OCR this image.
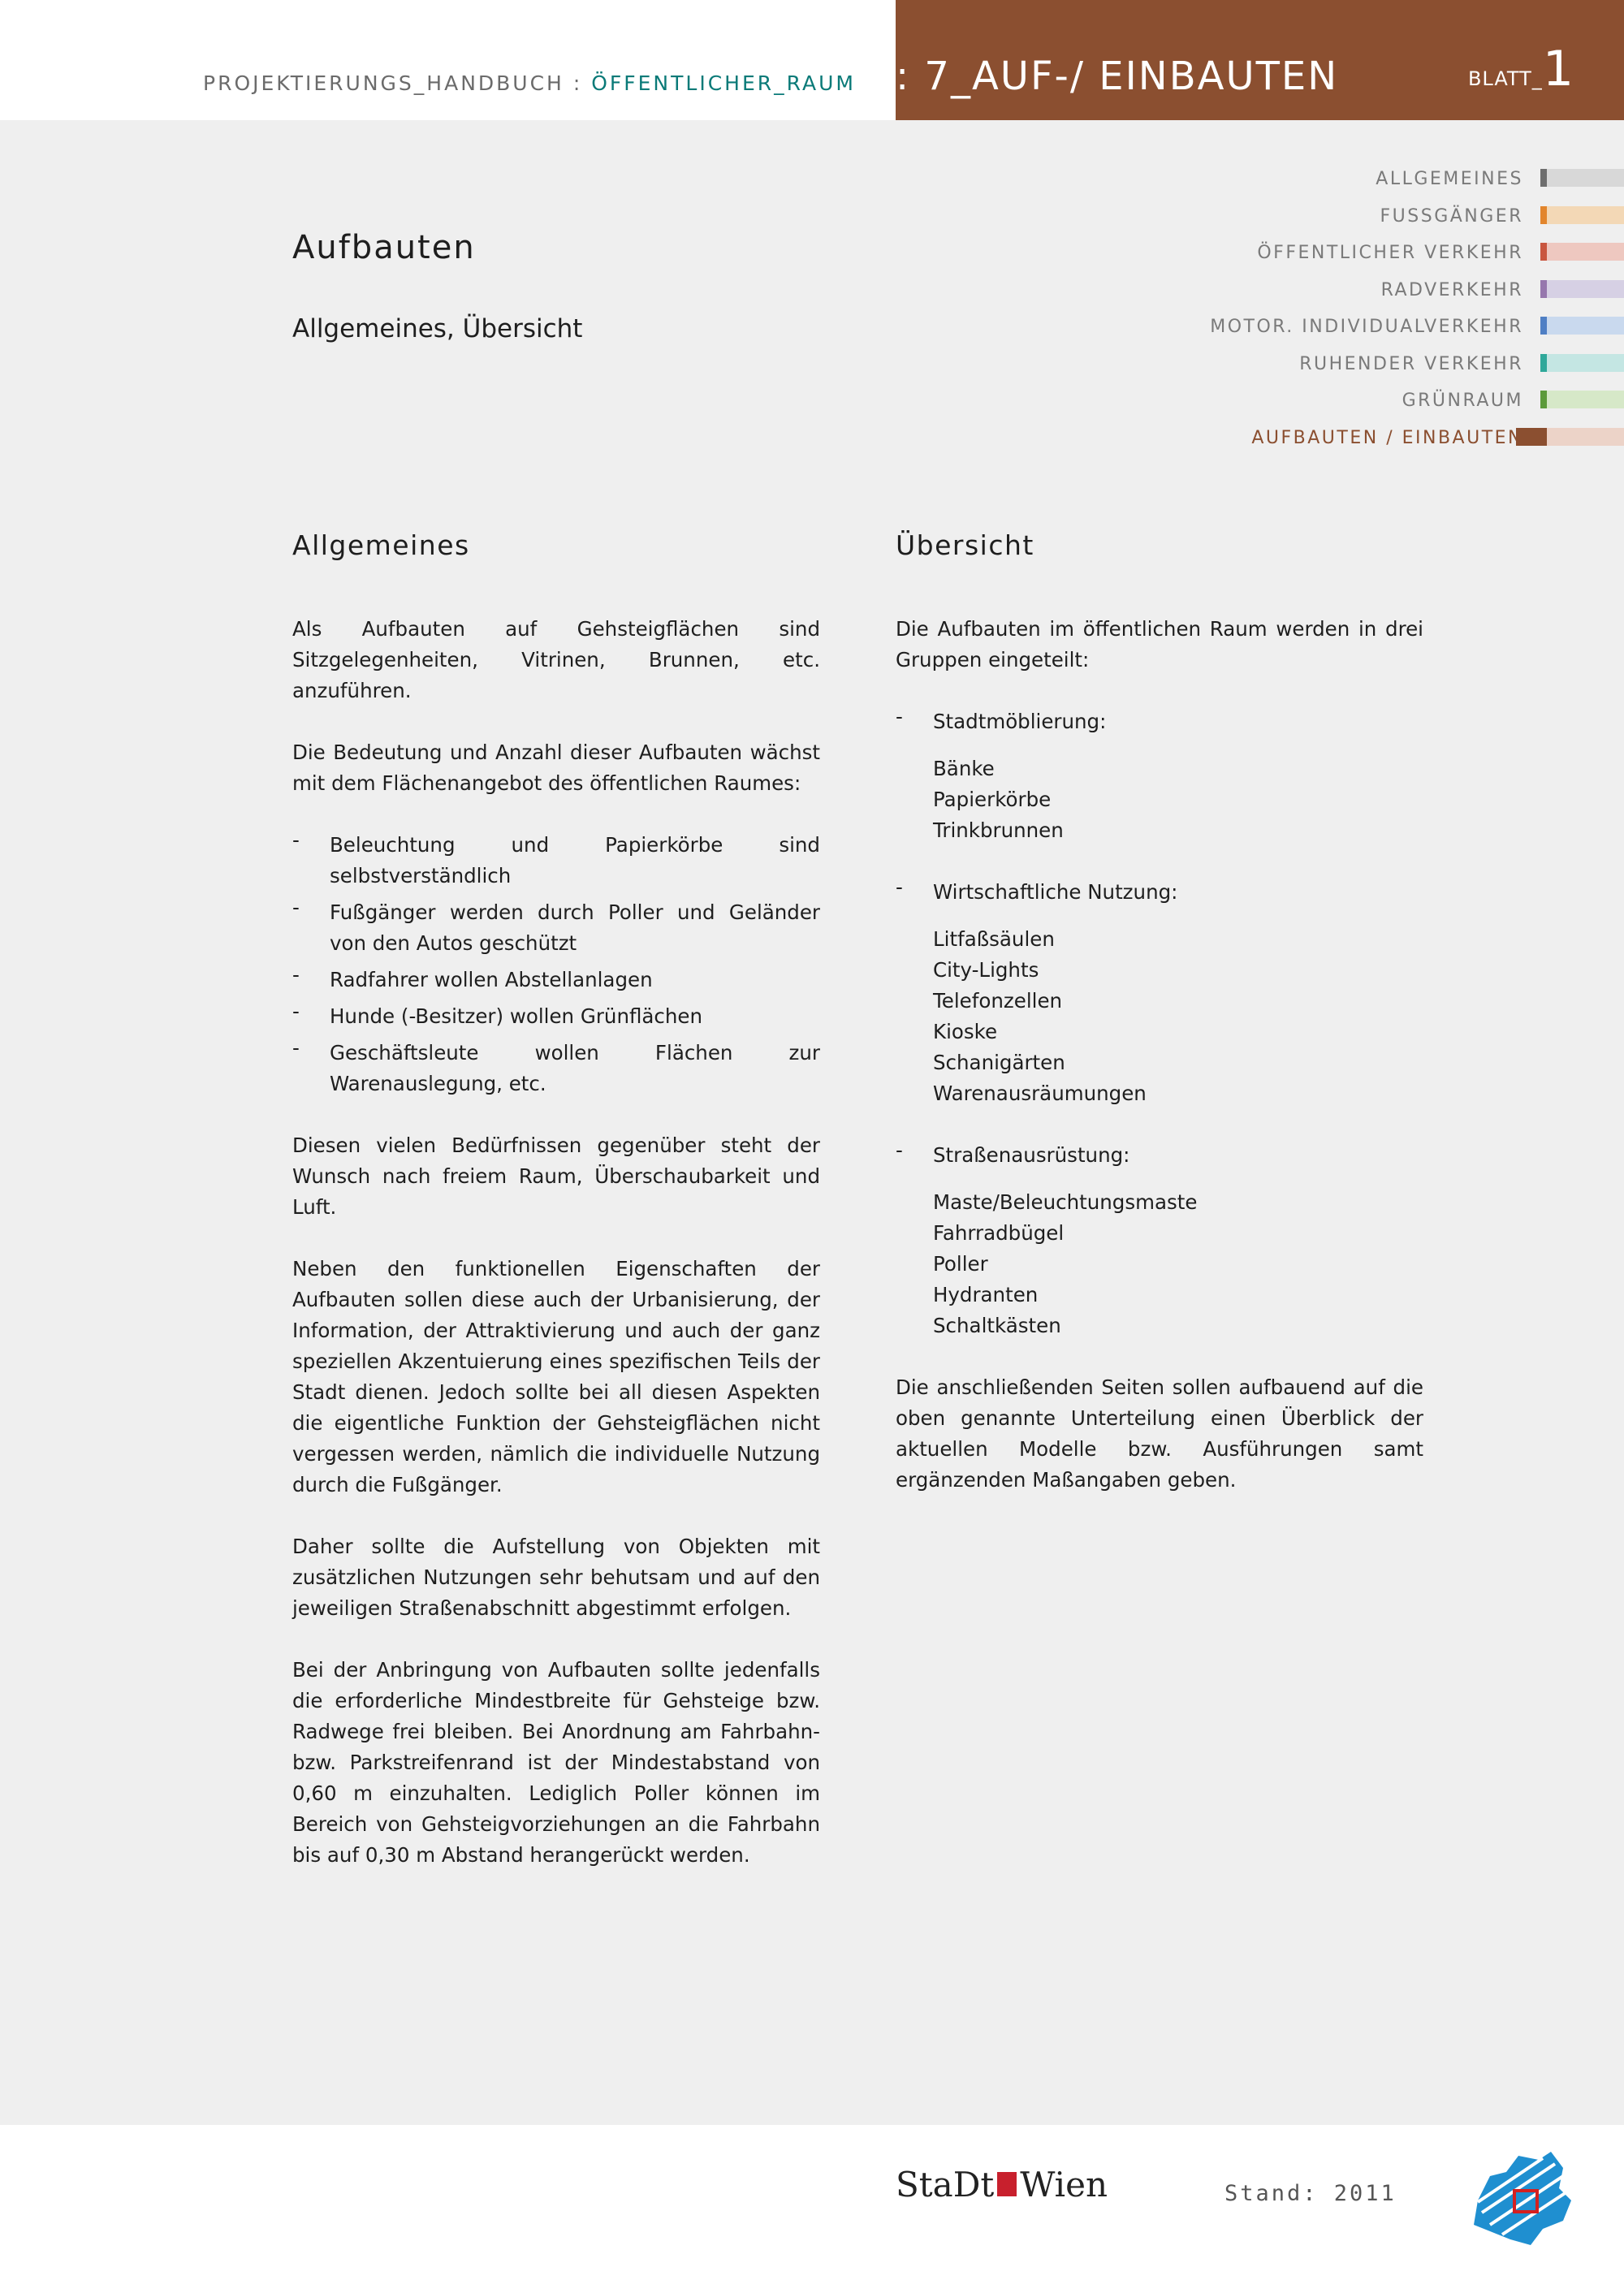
PROJEKTIERUNGS_HANDBUCH : ÖFFENTLICHER_RAUM : 7_AUF-/ EINBAUTEN	BLATT_1
ALLGEMEINES
FUSSGÄNGER
ÖFFENTLICHER VERKEHR
RADVERKEHR
MOTOR. INDIVIDUALVERKEHR
RUHENDER VERKEHR
GRÜNRAUM
AUFBAUTEN / EINBAUTEN
Aufbauten
Allgemeines, Übersicht
Allgemeines

Als Aufbauten auf Gehsteigflächen sind Sitzgelegenheiten, Vitrinen, Brunnen, etc. anzuführen.

Die Bedeutung und Anzahl dieser Aufbauten wächst mit dem Flächenangebot des öffentlichen Raumes:

- Beleuchtung und Papierkörbe sind selbstverständlich
- Fußgänger werden durch Poller und Geländer von den Autos geschützt
- Radfahrer wollen Abstellanlagen
- Hunde (-Besitzer) wollen Grünflächen
- Geschäftsleute wollen Flächen zur Warenauslegung, etc.

Diesen vielen Bedürfnissen gegenüber steht der Wunsch nach freiem Raum, Überschaubarkeit und Luft.

Neben den funktionellen Eigenschaften der Aufbauten sollen diese auch der Urbanisierung, der Information, der Attraktivierung und auch der ganz speziellen Akzentuierung eines spezifischen Teils der Stadt dienen. Jedoch sollte bei all diesen Aspekten die eigentliche Funktion der Gehsteigflächen nicht vergessen werden, nämlich die individuelle Nutzung durch die Fußgänger.

Daher sollte die Aufstellung von Objekten mit zusätzlichen Nutzungen sehr behutsam und auf den jeweiligen Straßenabschnitt abgestimmt erfolgen.

Bei der Anbringung von Aufbauten sollte jedenfalls die erforderliche Mindestbreite für Gehsteige bzw. Radwege frei bleiben. Bei Anordnung am Fahrbahn- bzw. Parkstreifenrand ist der Mindestabstand von 0,60 m einzuhalten. Lediglich Poller können im Bereich von Gehsteigvorziehungen an die Fahrbahn bis auf 0,30 m Abstand herangerückt werden.

Übersicht

Die Aufbauten im öffentlichen Raum werden in drei Gruppen eingeteilt:

- Stadtmöblierung:
Bänke
Papierkörbe
Trinkbrunnen
- Wirtschaftliche Nutzung:
Litfaßsäulen
City-Lights
Telefonzellen
Kioske
Schanigärten
Warenausräumungen
- Straßenausrüstung:
Maste/Beleuchtungsmaste
Fahrradbügel
Poller
Hydranten
Schaltkästen

Die anschließenden Seiten sollen aufbauend auf die oben genannte Unterteilung einen Überblick der aktuellen Modelle bzw. Ausführungen samt ergänzenden Maßangaben geben.

StaDt Wien	Stand: 2011
